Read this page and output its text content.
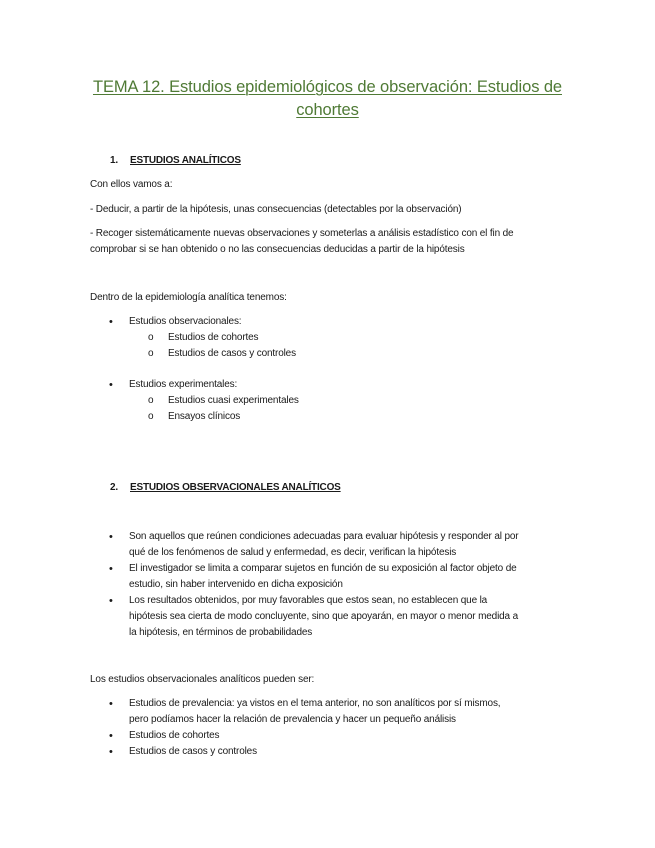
TEMA 12. Estudios epidemiológicos de observación: Estudios de cohortes
1. ESTUDIOS ANALÍTICOS
Con ellos vamos a:
- Deducir, a partir de la hipótesis, unas consecuencias (detectables por la observación)
- Recoger sistemáticamente nuevas observaciones y someterlas a análisis estadístico con el fin de
comprobar si se han obtenido o no las consecuencias deducidas a partir de la hipótesis
Dentro de la epidemiología analítica tenemos:
• Estudios observacionales:
o Estudios de cohortes
o Estudios de casos y controles
• Estudios experimentales:
o Estudios cuasi experimentales
o Ensayos clínicos
2. ESTUDIOS OBSERVACIONALES ANALÍTICOS
• Son aquellos que reúnen condiciones adecuadas para evaluar hipótesis y responder al por
qué de los fenómenos de salud y enfermedad, es decir, verifican la hipótesis
• El investigador se limita a comparar sujetos en función de su exposición al factor objeto de
estudio, sin haber intervenido en dicha exposición
• Los resultados obtenidos, por muy favorables que estos sean, no establecen que la
hipótesis sea cierta de modo concluyente, sino que apoyarán, en mayor o menor medida a
la hipótesis, en términos de probabilidades
Los estudios observacionales analíticos pueden ser:
• Estudios de prevalencia: ya vistos en el tema anterior, no son analíticos por sí mismos,
pero podíamos hacer la relación de prevalencia y hacer un pequeño análisis
• Estudios de cohortes
• Estudios de casos y controles
